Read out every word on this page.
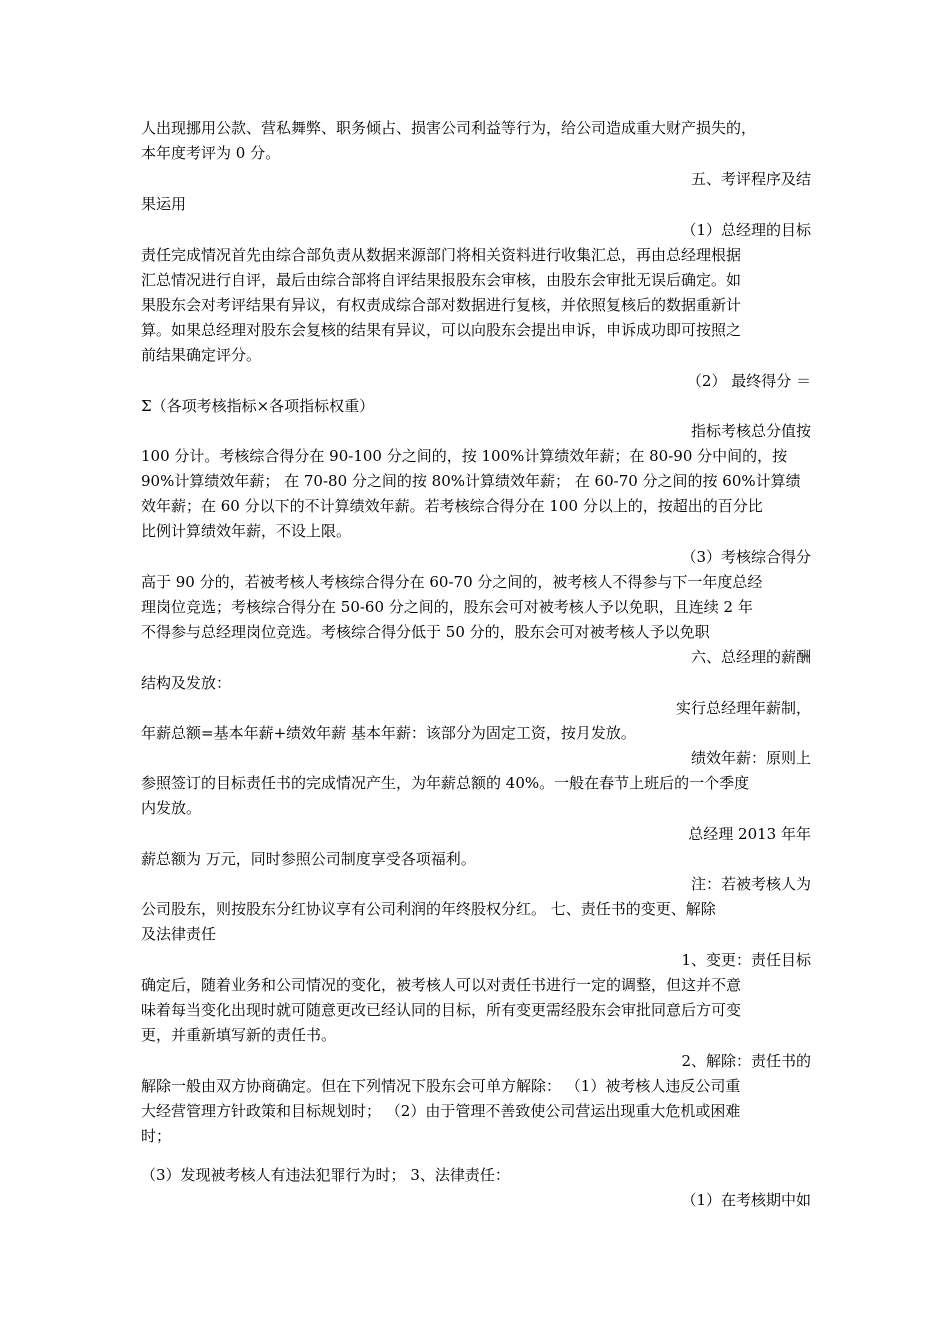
人出现挪用公款、营私舞弊、职务倾占、损害公司利益等行为，给公司造成重大财产损失的，
本年度考评为 0 分。
五、考评程序及结
果运用
（1）总经理的目标
责任完成情况首先由综合部负责从数据来源部门将相关资料进行收集汇总，再由总经理根据
汇总情况进行自评，最后由综合部将自评结果报股东会审核，由股东会审批无误后确定。如
果股东会对考评结果有异议，有权责成综合部对数据进行复核，并依照复核后的数据重新计
算。如果总经理对股东会复核的结果有异议，可以向股东会提出申诉，申诉成功即可按照之
前结果确定评分。
（2） 最终得分 ＝
Σ（各项考核指标×各项指标权重）
指标考核总分值按
100 分计。考核综合得分在 90-100 分之间的，按 100%计算绩效年薪；在 80-90 分中间的，按
90%计算绩效年薪； 在 70-80 分之间的按 80%计算绩效年薪； 在 60-70 分之间的按 60%计算绩
效年薪；在 60 分以下的不计算绩效年薪。若考核综合得分在 100 分以上的，按超出的百分比
比例计算绩效年薪，不设上限。
（3）考核综合得分
高于 90 分的，若被考核人考核综合得分在 60-70 分之间的，被考核人不得参与下一年度总经
理岗位竞选；考核综合得分在 50-60 分之间的，股东会可对被考核人予以免职，且连续 2 年
不得参与总经理岗位竞选。考核综合得分低于 50 分的，股东会可对被考核人予以免职
六、总经理的薪酬
结构及发放：
实行总经理年薪制，
年薪总额=基本年薪+绩效年薪 基本年薪：该部分为固定工资，按月发放。
绩效年薪：原则上
参照签订的目标责任书的完成情况产生，为年薪总额的 40%。一般在春节上班后的一个季度
内发放。
总经理 2013 年年
薪总额为 万元，同时参照公司制度享受各项福利。
注：若被考核人为
公司股东，则按股东分红协议享有公司利润的年终股权分红。 七、责任书的变更、解除
及法律责任
1、变更：责任目标
确定后，随着业务和公司情况的变化，被考核人可以对责任书进行一定的调整，但这并不意
味着每当变化出现时就可随意更改已经认同的目标，所有变更需经股东会审批同意后方可变
更，并重新填写新的责任书。
2、解除：责任书的
解除一般由双方协商确定。但在下列情况下股东会可单方解除： （1）被考核人违反公司重
大经营管理方针政策和目标规划时； （2）由于管理不善致使公司营运出现重大危机或困难
时；
（3）发现被考核人有违法犯罪行为时； 3、法律责任：
（1）在考核期中如
